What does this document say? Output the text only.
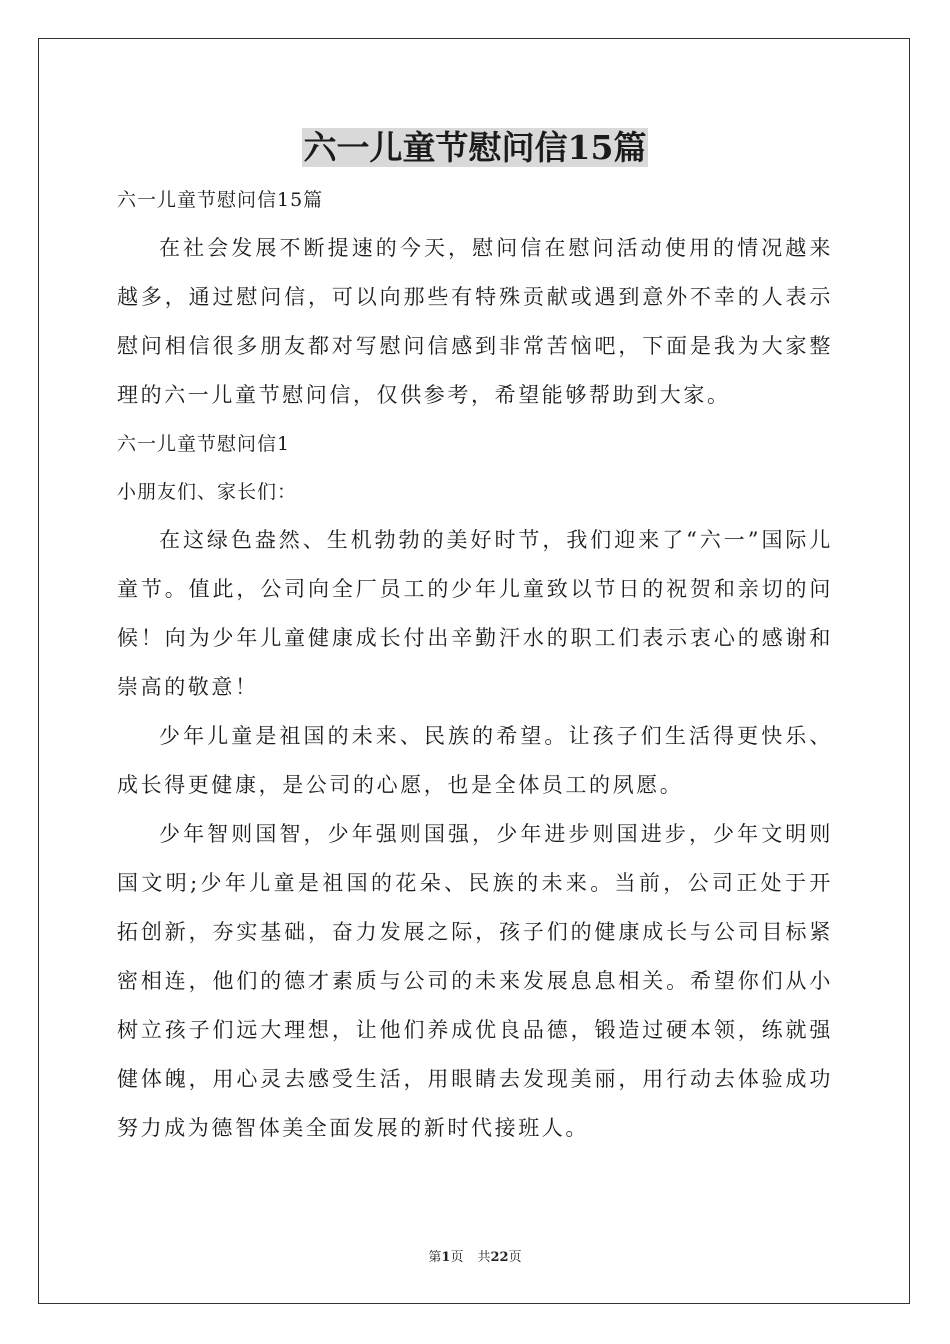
六一儿童节慰问信15篇

六一儿童节慰问信15篇

在社会发展不断提速的今天，慰问信在慰问活动使用的情况越来越多，通过慰问信，可以向那些有特殊贡献或遇到意外不幸的人表示慰问相信很多朋友都对写慰问信感到非常苦恼吧，下面是我为大家整理的六一儿童节慰问信，仅供参考，希望能够帮助到大家。

六一儿童节慰问信1

小朋友们、家长们：

在这绿色盎然、生机勃勃的美好时节，我们迎来了“六一”国际儿童节。值此，公司向全厂员工的少年儿童致以节日的祝贺和亲切的问候！向为少年儿童健康成长付出辛勤汗水的职工们表示衷心的感谢和崇高的敬意！

少年儿童是祖国的未来、民族的希望。让孩子们生活得更快乐、成长得更健康，是公司的心愿，也是全体员工的夙愿。

少年智则国智，少年强则国强，少年进步则国进步，少年文明则国文明;少年儿童是祖国的花朵、民族的未来。当前，公司正处于开拓创新，夯实基础，奋力发展之际，孩子们的健康成长与公司目标紧密相连，他们的德才素质与公司的未来发展息息相关。希望你们从小树立孩子们远大理想，让他们养成优良品德，锻造过硬本领，练就强健体魄，用心灵去感受生活，用眼睛去发现美丽，用行动去体验成功努力成为德智体美全面发展的新时代接班人。

第1页 共22页
